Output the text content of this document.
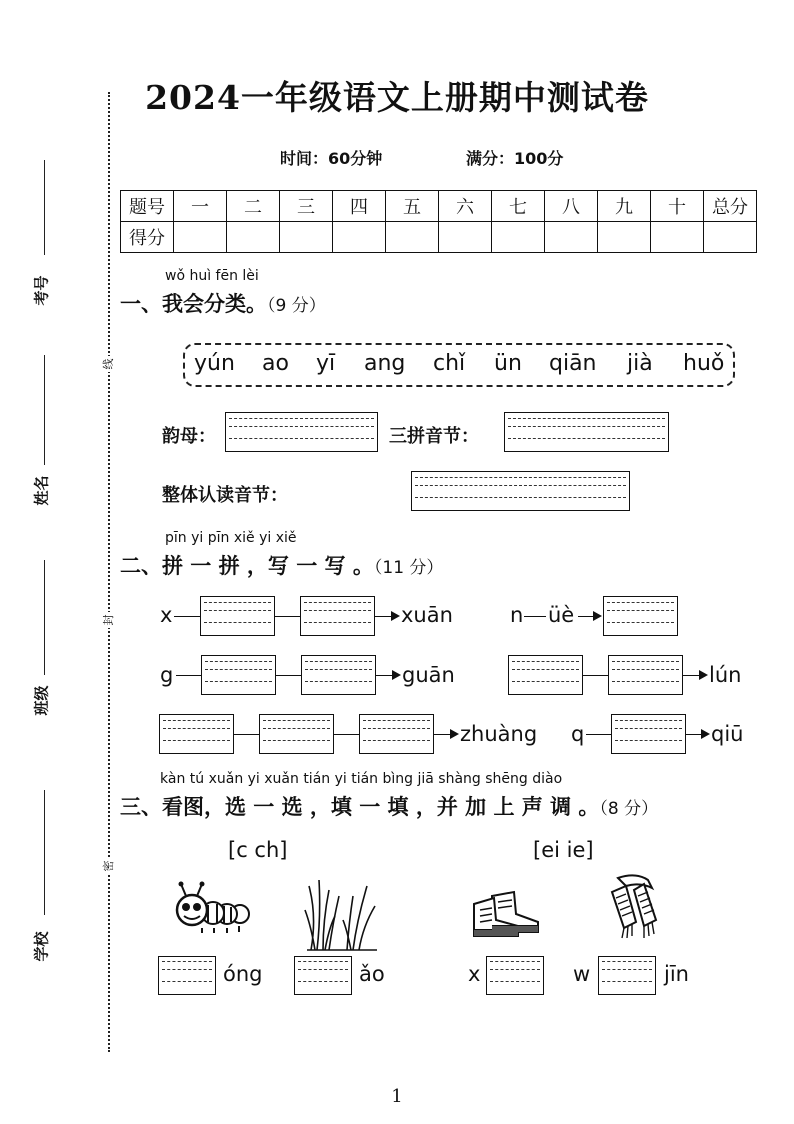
线
封
密
考号
姓名
班级
学校
2024一年级语文上册期中测试卷
时间：60分钟	满分：100分
题号	一	二	三	四	五	六	七	八	九	十	总分
得分											
wǒ huì fēn lèi
一、我会分类。（9 分）
yún ao yī ang chǐ ün qiān jià huǒ
韵母：	三拼音节：
整体认读音节：
pīn yi pīn xiě yi xiě
二、拼 一 拼 ，写 一 写 。（11 分）
x	xuān	n üè
g	guān	lún
zhuàng q	qiū
kàn tú xuǎn yi xuǎn tián yi tián bìng jiā shàng shēng diào
三、看图，选 一 选 ，填 一 填 ，并 加 上 声 调 。（8 分）
[c ch]	[ei ie]
óng	ǎo	x	w	jīn
1
